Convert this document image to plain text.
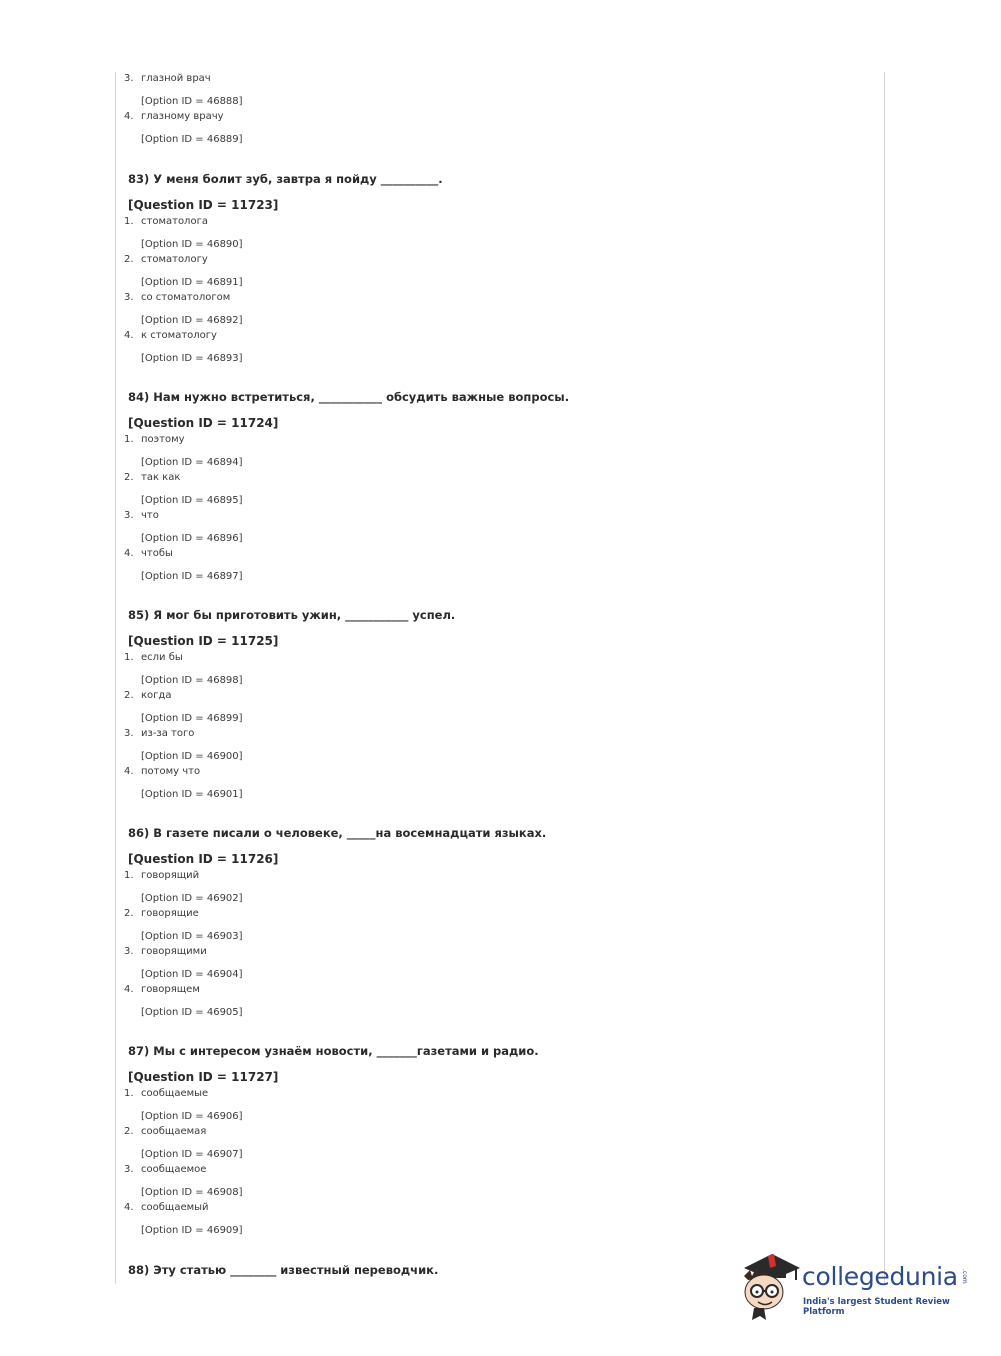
3. глазной врач
[Option ID = 46888]
4. глазному врачу
[Option ID = 46889]
83) У меня болит зуб, завтра я пойду __________.
[Question ID = 11723]
1. стоматолога
[Option ID = 46890]
2. стоматологу
[Option ID = 46891]
3. со стоматологом
[Option ID = 46892]
4. к стоматологу
[Option ID = 46893]
84) Нам нужно встретиться, ___________ обсудить важные вопросы.
[Question ID = 11724]
1. поэтому
[Option ID = 46894]
2. так как
[Option ID = 46895]
3. что
[Option ID = 46896]
4. чтобы
[Option ID = 46897]
85) Я мог бы приготовить ужин, ___________ успел.
[Question ID = 11725]
1. если бы
[Option ID = 46898]
2. когда
[Option ID = 46899]
3. из-за того
[Option ID = 46900]
4. потому что
[Option ID = 46901]
86) В газете писали о человеке, _____на восемнадцати языках.
[Question ID = 11726]
1. говорящий
[Option ID = 46902]
2. говорящие
[Option ID = 46903]
3. говорящими
[Option ID = 46904]
4. говорящем
[Option ID = 46905]
87) Мы с интересом узнаём новости, _______газетами и радио.
[Question ID = 11727]
1. сообщаемые
[Option ID = 46906]
2. сообщаемая
[Option ID = 46907]
3. сообщаемое
[Option ID = 46908]
4. сообщаемый
[Option ID = 46909]
88) Эту статью ________ известный переводчик.	collegedunia .com
India's largest Student Review Platform
